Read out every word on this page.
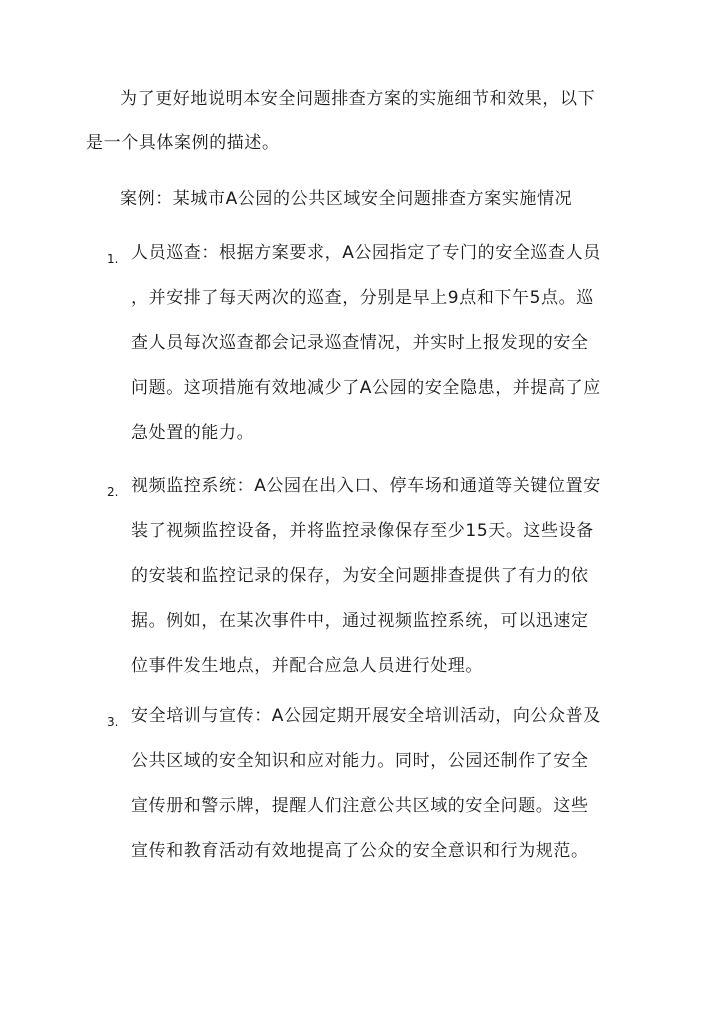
为了更好地说明本安全问题排查方案的实施细节和效果，以下
是一个具体案例的描述。
案例：某城市A公园的公共区域安全问题排查方案实施情况
1. 人员巡查：根据方案要求，A公园指定了专门的安全巡查人员
，并安排了每天两次的巡查，分别是早上9点和下午5点。巡
查人员每次巡查都会记录巡查情况，并实时上报发现的安全
问题。这项措施有效地减少了A公园的安全隐患，并提高了应
急处置的能力。
2. 视频监控系统：A公园在出入口、停车场和通道等关键位置安
装了视频监控设备，并将监控录像保存至少15天。这些设备
的安装和监控记录的保存，为安全问题排查提供了有力的依
据。例如，在某次事件中，通过视频监控系统，可以迅速定
位事件发生地点，并配合应急人员进行处理。
3. 安全培训与宣传：A公园定期开展安全培训活动，向公众普及
公共区域的安全知识和应对能力。同时，公园还制作了安全
宣传册和警示牌，提醒人们注意公共区域的安全问题。这些
宣传和教育活动有效地提高了公众的安全意识和行为规范。
